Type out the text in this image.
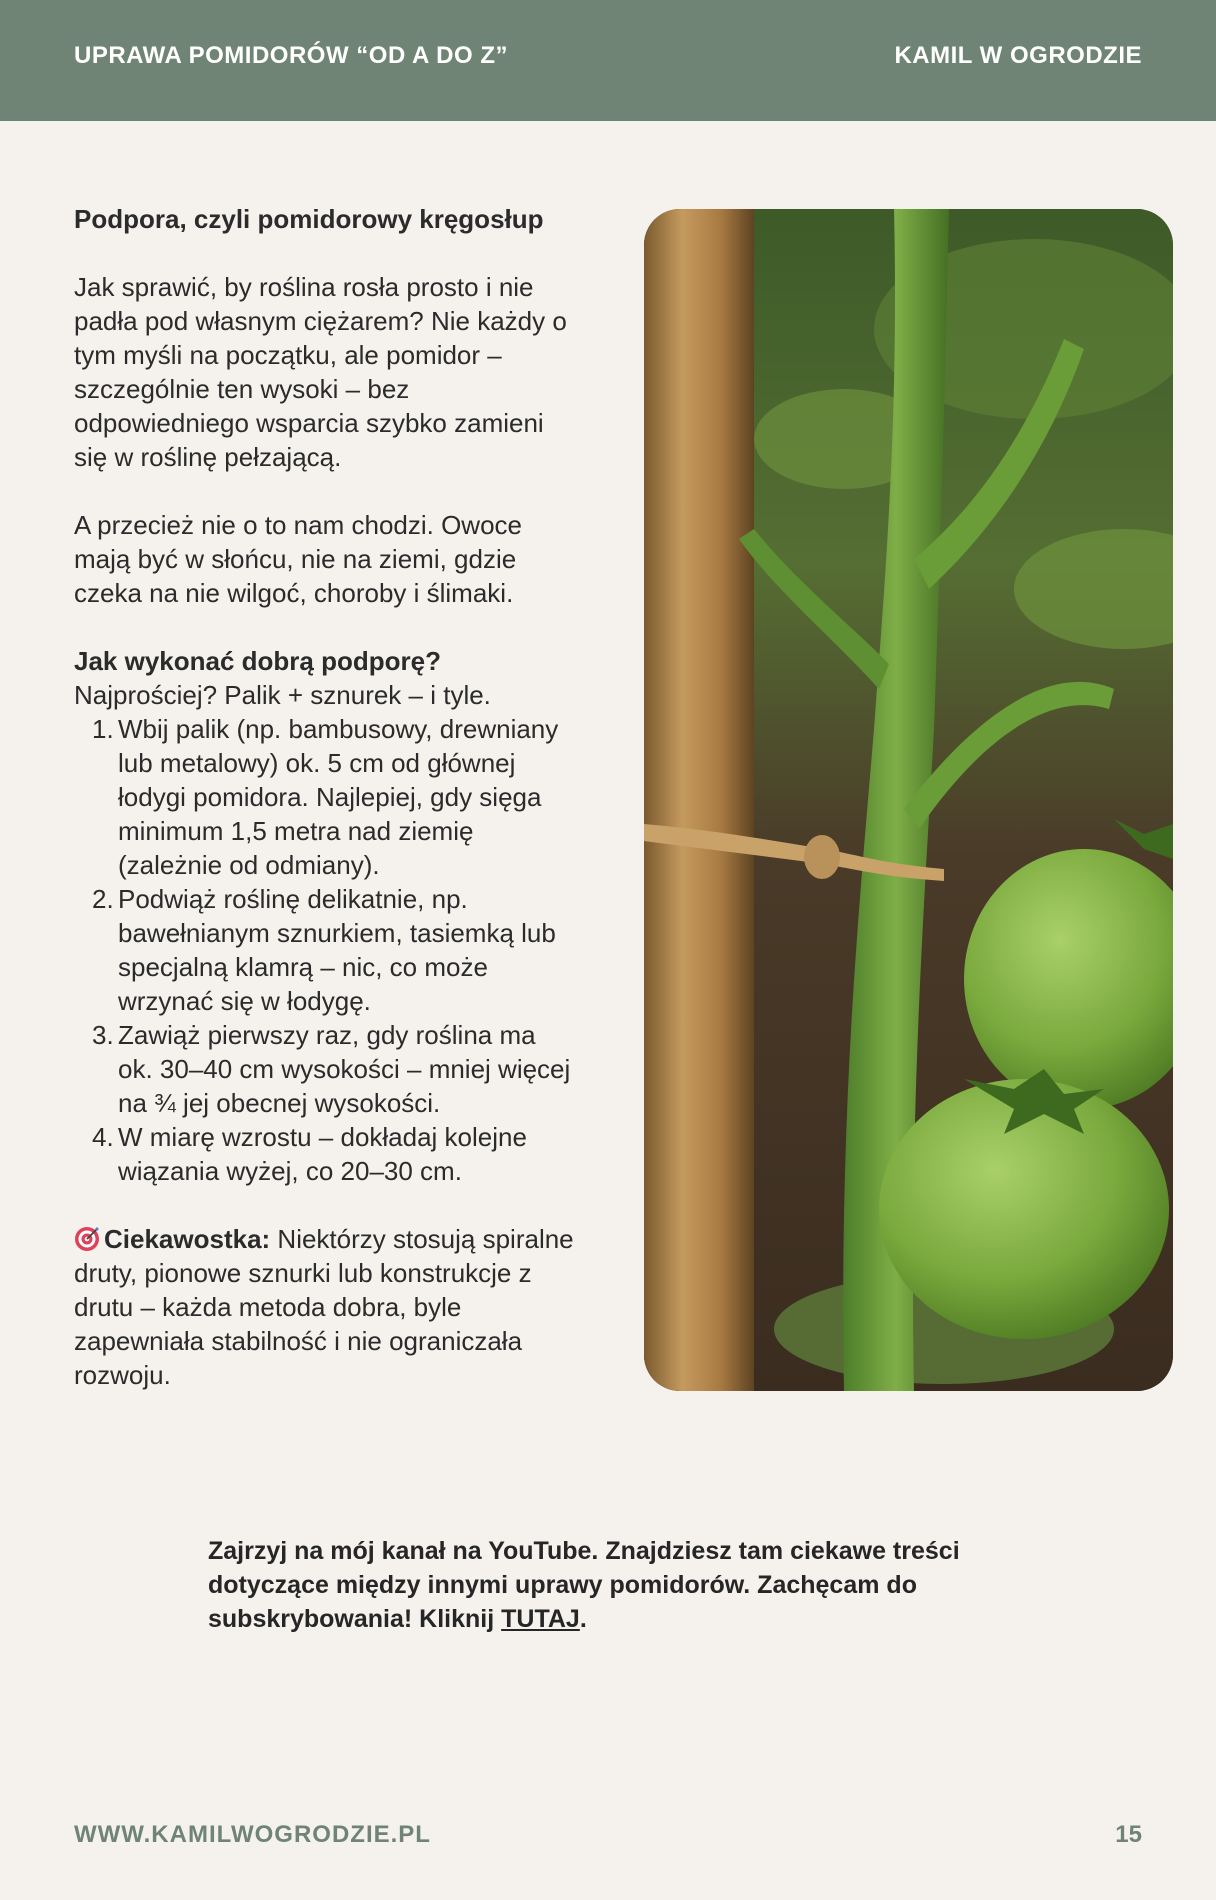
UPRAWA POMIDORÓW “OD A DO Z”	KAMIL W OGRODZIE

Podpora, czyli pomidorowy kręgosłup

Jak sprawić, by roślina rosła prosto i nie padła pod własnym ciężarem? Nie każdy o tym myśli na początku, ale pomidor – szczególnie ten wysoki – bez odpowiedniego wsparcia szybko zamieni się w roślinę pełzającą.

A przecież nie o to nam chodzi. Owoce mają być w słońcu, nie na ziemi, gdzie czeka na nie wilgoć, choroby i ślimaki.

Jak wykonać dobrą podporę?

Najprościej? Palik + sznurek – i tyle.

Wbij palik (np. bambusowy, drewniany lub metalowy) ok. 5 cm od głównej łodygi pomidora. Najlepiej, gdy sięga minimum 1,5 metra nad ziemię (zależnie od odmiany).
Podwiąż roślinę delikatnie, np. bawełnianym sznurkiem, tasiemką lub specjalną klamrą – nic, co może wrzynać się w łodygę.
Zawiąż pierwszy raz, gdy roślina ma ok. 30–40 cm wysokości – mniej więcej na ¾ jej obecnej wysokości.
W miarę wzrostu – dokładaj kolejne wiązania wyżej, co 20–30 cm.

Ciekawostka: Niektórzy stosują spiralne druty, pionowe sznurki lub konstrukcje z drutu – każda metoda dobra, byle zapewniała stabilność i nie ograniczała rozwoju.

Zajrzyj na mój kanał na YouTube. Znajdziesz tam ciekawe treści dotyczące między innymi uprawy pomidorów. Zachęcam do subskrybowania! Kliknij TUTAJ.
WWW.KAMILWOGRODZIE.PL	15
